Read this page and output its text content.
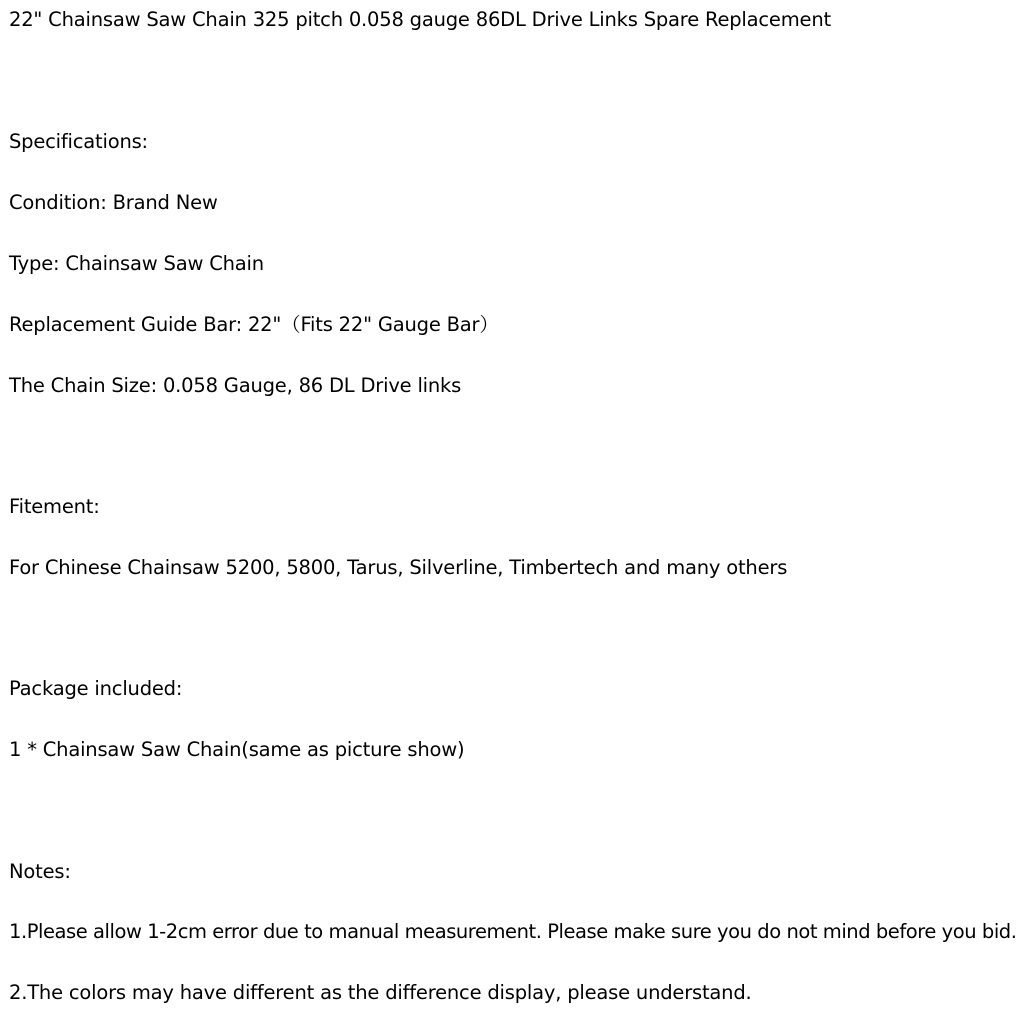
22" Chainsaw Saw Chain 325 pitch 0.058 gauge 86DL Drive Links Spare Replacement
Specifications:
Condition: Brand New
Type: Chainsaw Saw Chain
Replacement Guide Bar: 22"（Fits 22" Gauge Bar）
The Chain Size: 0.058 Gauge, 86 DL Drive links
Fitement:
For Chinese Chainsaw 5200, 5800, Tarus, Silverline, Timbertech and many others
Package included:
1 * Chainsaw Saw Chain(same as picture show)
Notes:
1.Please allow 1-2cm error due to manual measurement. Please make sure you do not mind before you bid.
2.The colors may have different as the difference display, please understand.
